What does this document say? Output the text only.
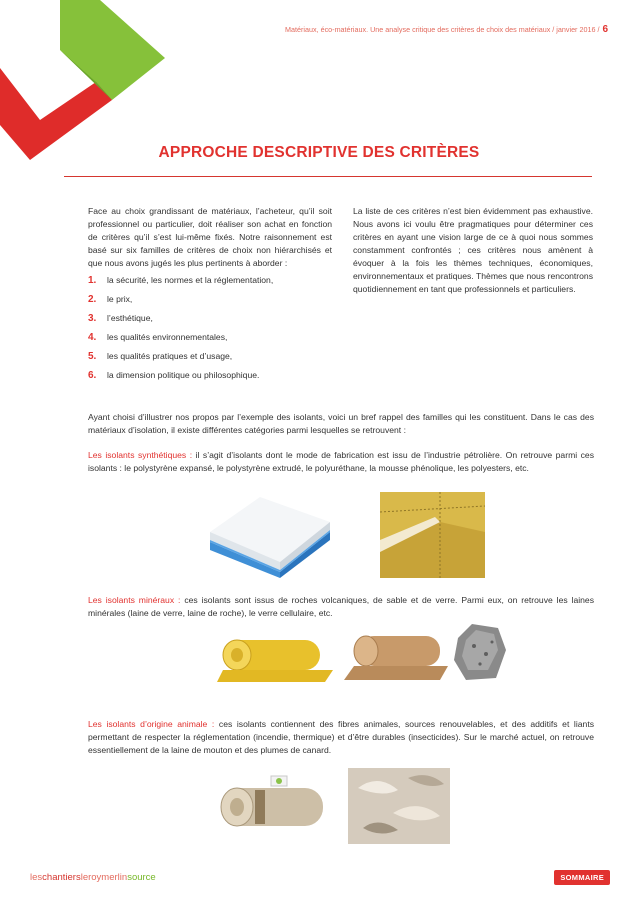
Matériaux, éco-matériaux. Une analyse critique des critères de choix des matériaux / janvier 2016 / 6
APPROCHE DESCRIPTIVE DES CRITÈRES
Face au choix grandissant de matériaux, l’acheteur, qu’il soit professionnel ou particulier, doit réaliser son achat en fonction de critères qu’il s’est lui-même fixés. Notre raisonnement est basé sur six familles de critères de choix non hiérarchisés et que nous avons jugés les plus pertinents à aborder :
1.	la sécurité, les normes et la réglementation,
2.	le prix,
3.	l’esthétique,
4.	les qualités environnementales,
5.	les qualités pratiques et d’usage,
6.	la dimension politique ou philosophique.
La liste de ces critères n’est bien évidemment pas exhaustive. Nous avons ici voulu être pragmatiques pour déterminer ces critères en ayant une vision large de ce à quoi nous sommes constamment confrontés ; ces critères nous amènent à évoquer à la fois les thèmes techniques, économiques, environnementaux et pratiques. Thèmes que nous rencontrons quotidiennement en tant que professionnels et particuliers.
Ayant choisi d’illustrer nos propos par l’exemple des isolants, voici un bref rappel des familles qui les constituent. Dans le cas des matériaux d’isolation, il existe différentes catégories parmi lesquelles se retrouvent :
Les isolants synthétiques : il s’agit d’isolants dont le mode de fabrication est issu de l’industrie pétrolière. On retrouve parmi ces isolants : le polystyrène expansé, le polystyrène extrudé, le polyuréthane, la mousse phénolique, les polyesters, etc.
Les isolants minéraux : ces isolants sont issus de roches volcaniques, de sable et de verre. Parmi eux, on retrouve les laines minérales (laine de verre, laine de roche), le verre cellulaire, etc.
Les isolants d’origine animale : ces isolants contiennent des fibres animales, sources renouvelables, et des additifs et liants permettant de respecter la réglementation (incendie, thermique) et d’être durables (insecticides). Sur le marché actuel, on retrouve essentiellement de la laine de mouton et des plumes de canard.
leschantiersleroymerlinsource	SOMMAIRE
